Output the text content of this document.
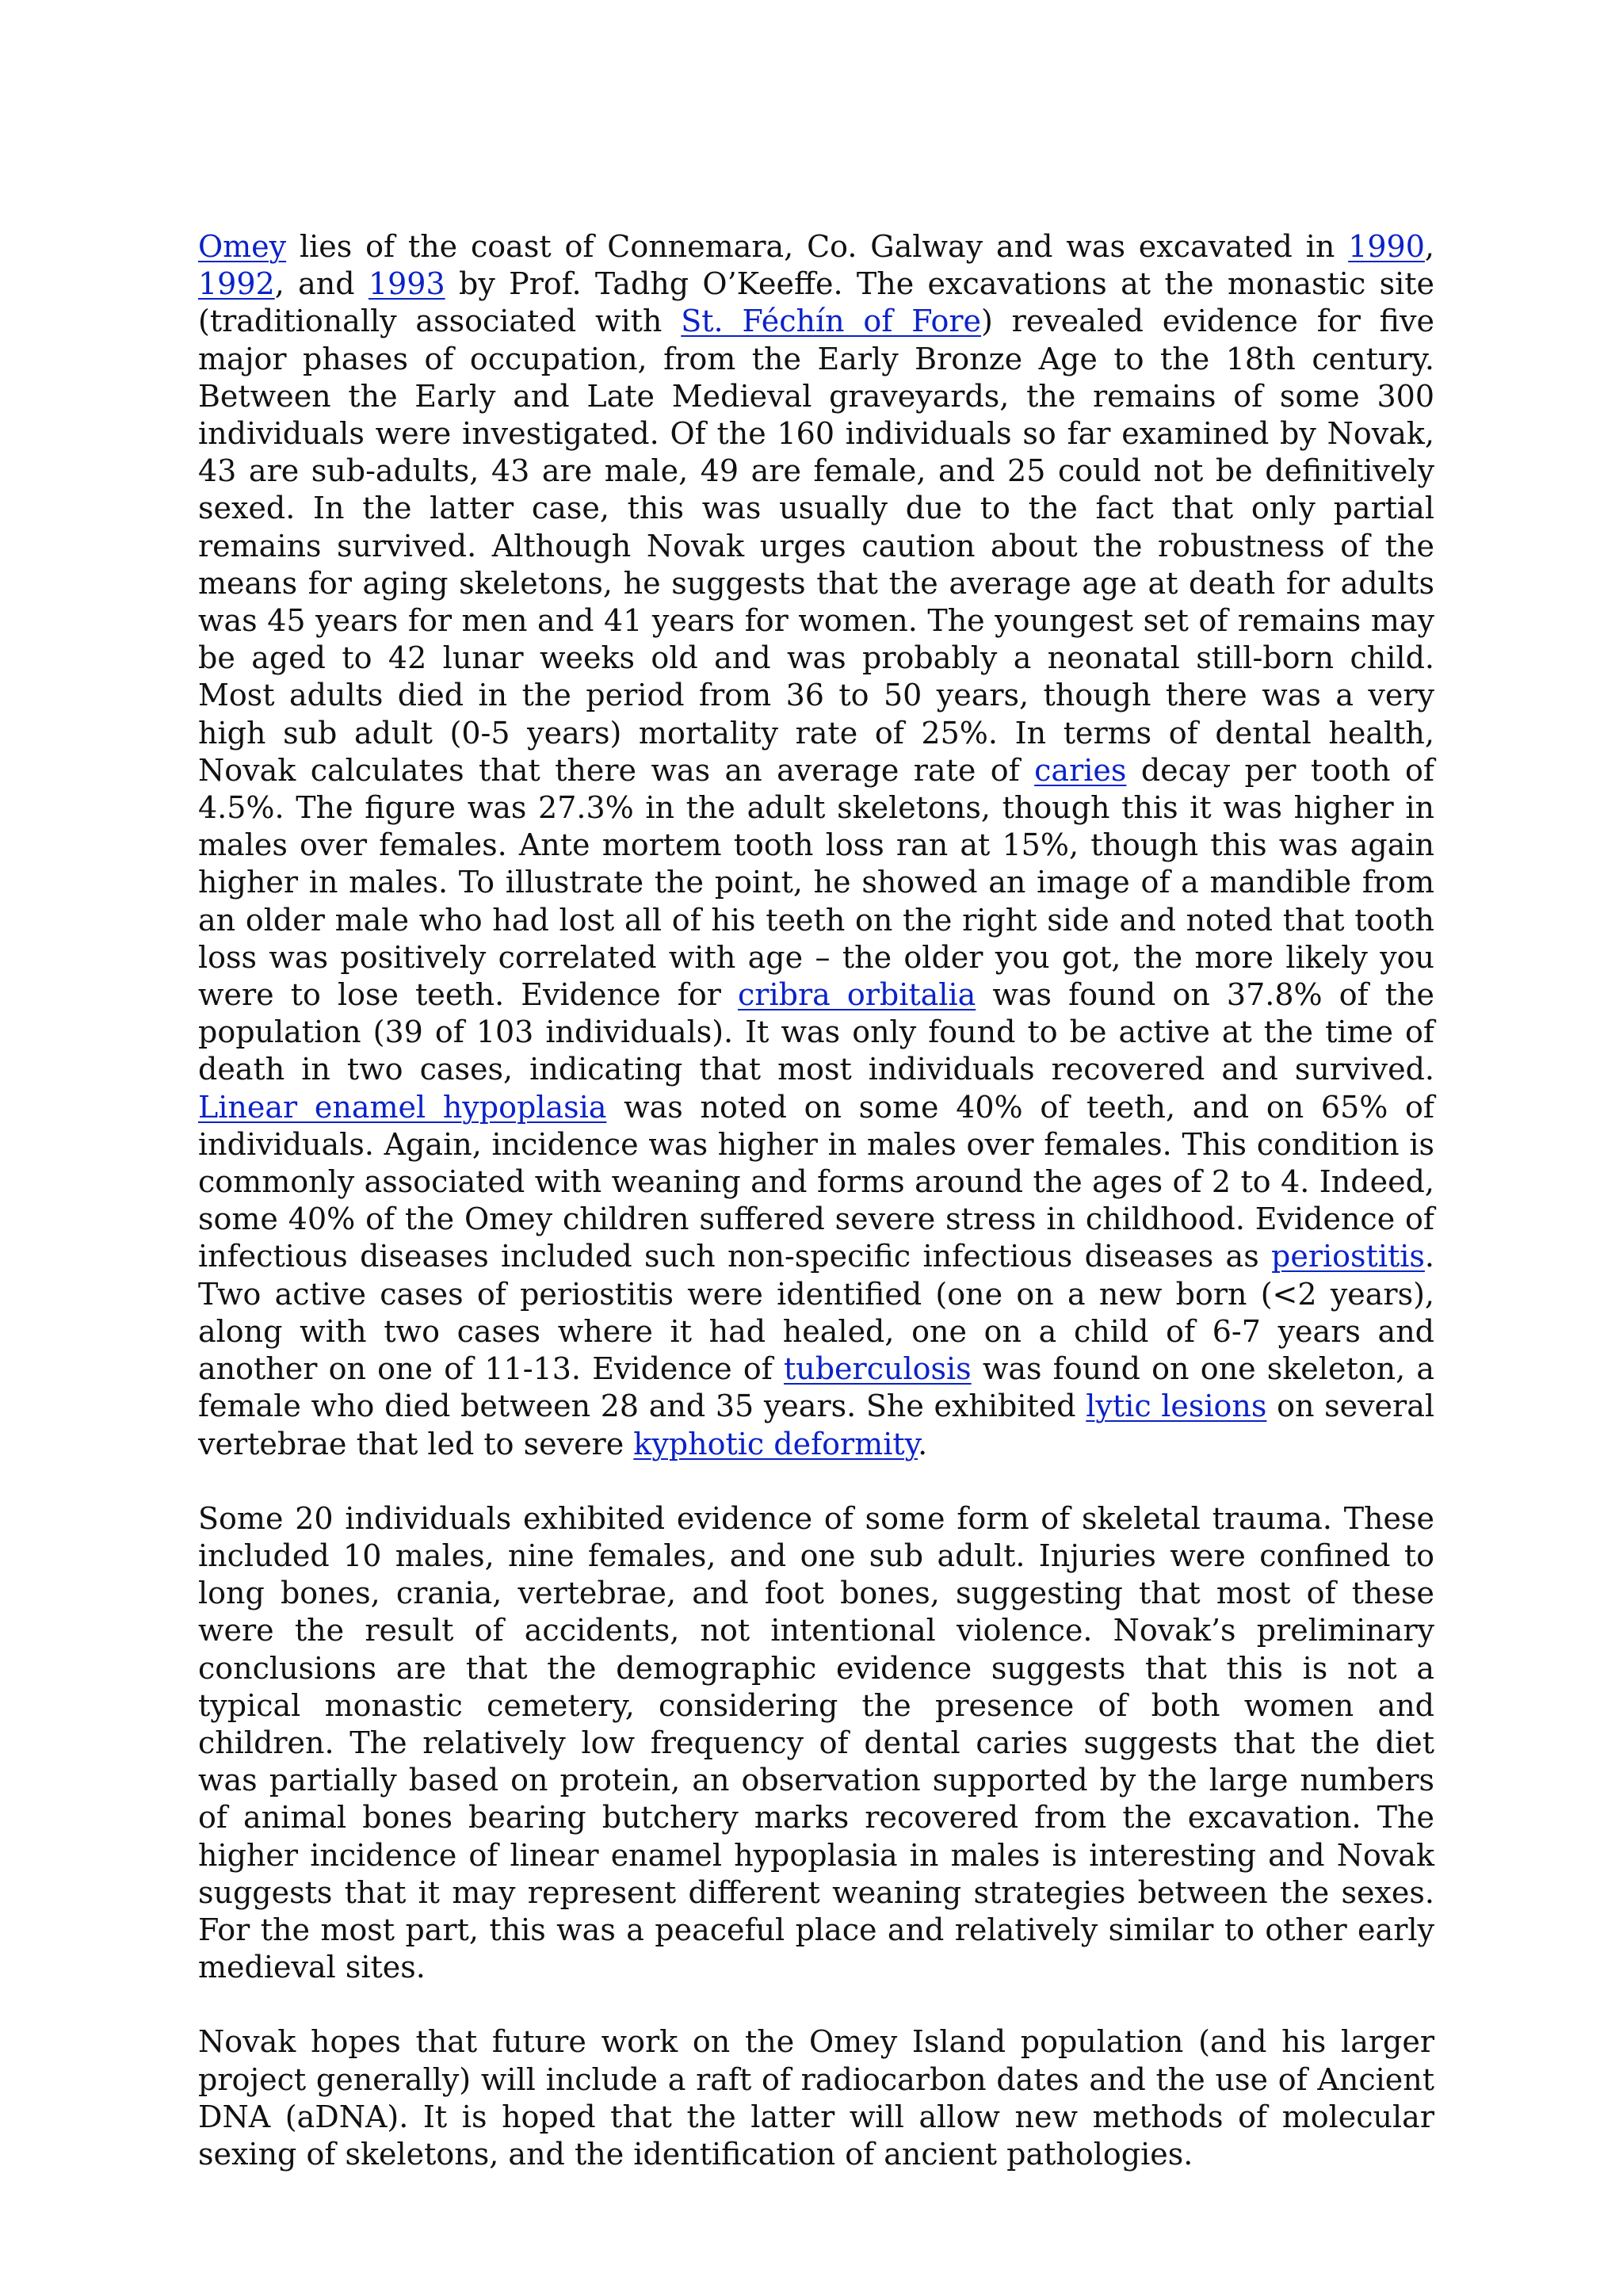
Omey lies of the coast of Connemara, Co. Galway and was excavated in 1990, 1992, and 1993 by Prof. Tadhg O’Keeffe. The excavations at the monastic site (traditionally associated with St. Féchín of Fore) revealed evidence for five major phases of occupation, from the Early Bronze Age to the 18th century. Between the Early and Late Medieval graveyards, the remains of some 300 individuals were investigated. Of the 160 individuals so far examined by Novak, 43 are sub-adults, 43 are male, 49 are female, and 25 could not be definitively sexed. In the latter case, this was usually due to the fact that only partial remains survived. Although Novak urges caution about the robustness of the means for aging skeletons, he suggests that the average age at death for adults was 45 years for men and 41 years for women. The youngest set of remains may be aged to 42 lunar weeks old and was probably a neonatal still-born child. Most adults died in the period from 36 to 50 years, though there was a very high sub adult (0-5 years) mortality rate of 25%. In terms of dental health, Novak calculates that there was an average rate of caries decay per tooth of 4.5%. The figure was 27.3% in the adult skeletons, though this it was higher in males over females. Ante mortem tooth loss ran at 15%, though this was again higher in males. To illustrate the point, he showed an image of a mandible from an older male who had lost all of his teeth on the right side and noted that tooth loss was positively correlated with age – the older you got, the more likely you were to lose teeth. Evidence for cribra orbitalia was found on 37.8% of the population (39 of 103 individuals). It was only found to be active at the time of death in two cases, indicating that most individuals recovered and survived. Linear enamel hypoplasia was noted on some 40% of teeth, and on 65% of individuals. Again, incidence was higher in males over females. This condition is commonly associated with weaning and forms around the ages of 2 to 4. Indeed, some 40% of the Omey children suffered severe stress in childhood. Evidence of infectious diseases included such non-specific infectious diseases as periostitis. Two active cases of periostitis were identified (one on a new born (<2 years), along with two cases where it had healed, one on a child of 6-7 years and another on one of 11-13. Evidence of tuberculosis was found on one skeleton, a female who died between 28 and 35 years. She exhibited lytic lesions on several vertebrae that led to severe kyphotic deformity.

Some 20 individuals exhibited evidence of some form of skeletal trauma. These included 10 males, nine females, and one sub adult. Injuries were confined to long bones, crania, vertebrae, and foot bones, suggesting that most of these were the result of accidents, not intentional violence. Novak’s preliminary conclusions are that the demographic evidence suggests that this is not a typical monastic cemetery, considering the presence of both women and children. The relatively low frequency of dental caries suggests that the diet was partially based on protein, an observation supported by the large numbers of animal bones bearing butchery marks recovered from the excavation. The higher incidence of linear enamel hypoplasia in males is interesting and Novak suggests that it may represent different weaning strategies between the sexes. For the most part, this was a peaceful place and relatively similar to other early medieval sites.

Novak hopes that future work on the Omey Island population (and his larger project generally) will include a raft of radiocarbon dates and the use of Ancient DNA (aDNA). It is hoped that the latter will allow new methods of molecular sexing of skeletons, and the identification of ancient pathologies.
